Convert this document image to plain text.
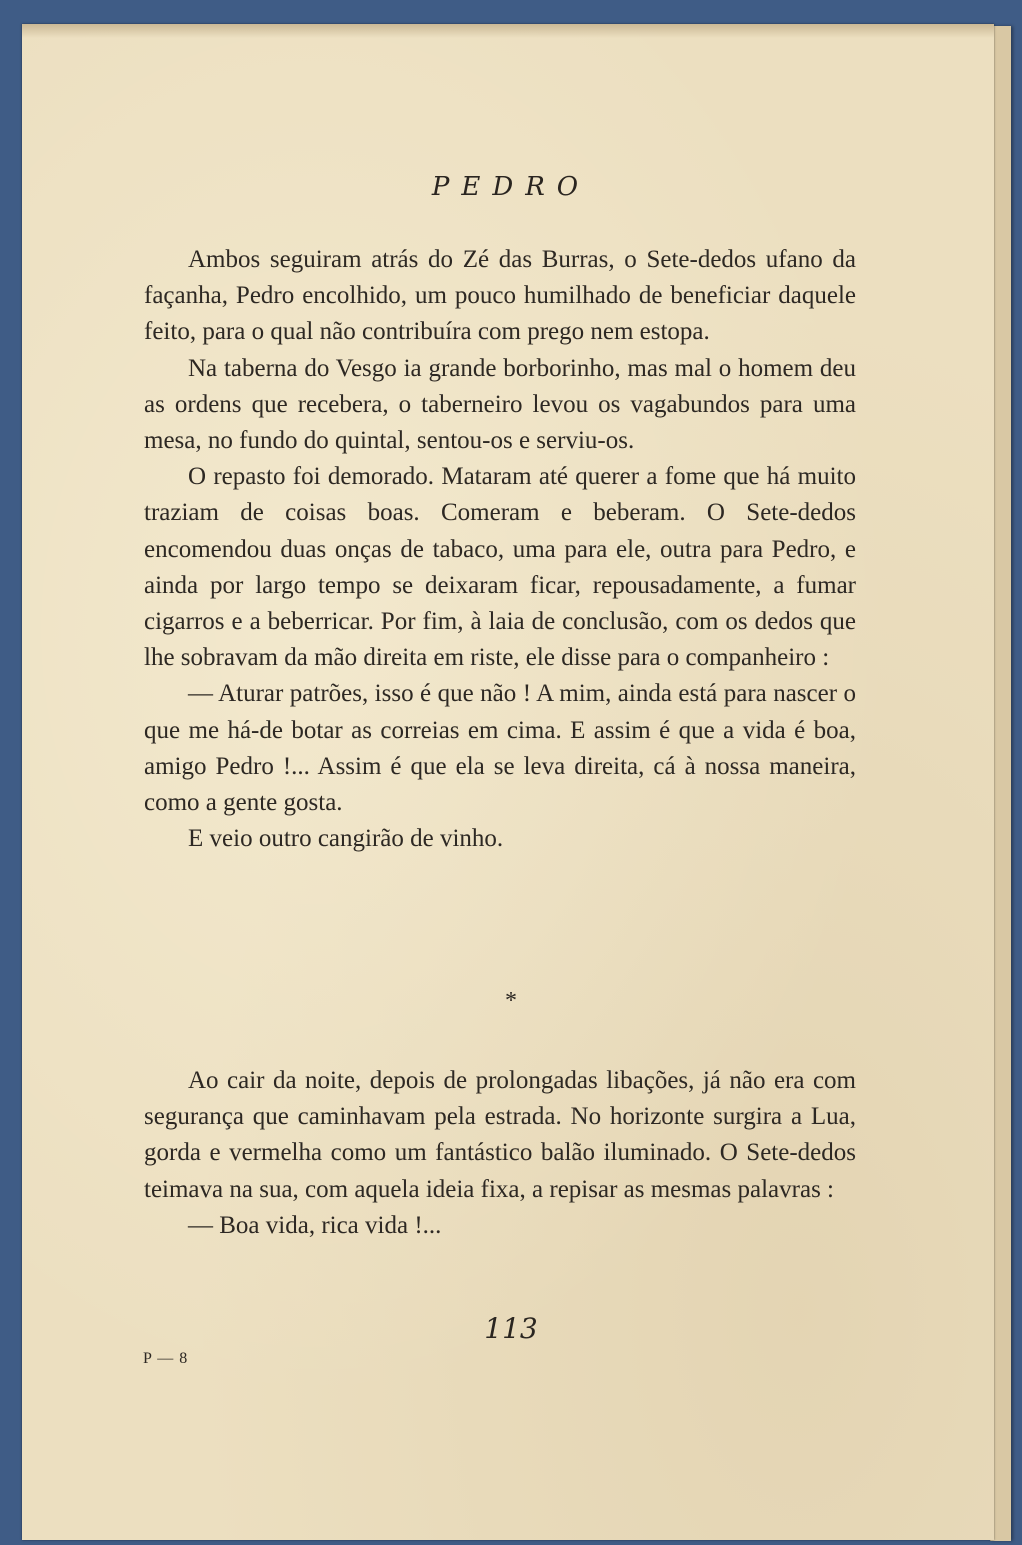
PEDRO

Ambos seguiram atrás do Zé das Burras, o Sete-dedos ufano da façanha, Pedro encolhido, um pouco humilhado de beneficiar daquele feito, para o qual não contribuíra com prego nem estopa.

Na taberna do Vesgo ia grande borborinho, mas mal o homem deu as ordens que recebera, o taberneiro levou os vagabundos para uma mesa, no fundo do quintal, sentou-os e serviu-os.

O repasto foi demorado. Mataram até querer a fome que há muito traziam de coisas boas. Comeram e beberam. O Sete-dedos encomendou duas onças de tabaco, uma para ele, outra para Pedro, e ainda por largo tempo se deixaram ficar, repousadamente, a fumar cigarros e a beberricar. Por fim, à laia de conclusão, com os dedos que lhe sobravam da mão direita em riste, ele disse para o companheiro :

— Aturar patrões, isso é que não ! A mim, ainda está para nascer o que me há-de botar as correias em cima. E assim é que a vida é boa, amigo Pedro !... Assim é que ela se leva direita, cá à nossa maneira, como a gente gosta.

E veio outro cangirão de vinho.

*

Ao cair da noite, depois de prolongadas libações, já não era com segurança que caminhavam pela estrada. No horizonte surgira a Lua, gorda e vermelha como um fantástico balão iluminado. O Sete-dedos teimava na sua, com aquela ideia fixa, a repisar as mesmas palavras :

— Boa vida, rica vida !...

113
P — 8
